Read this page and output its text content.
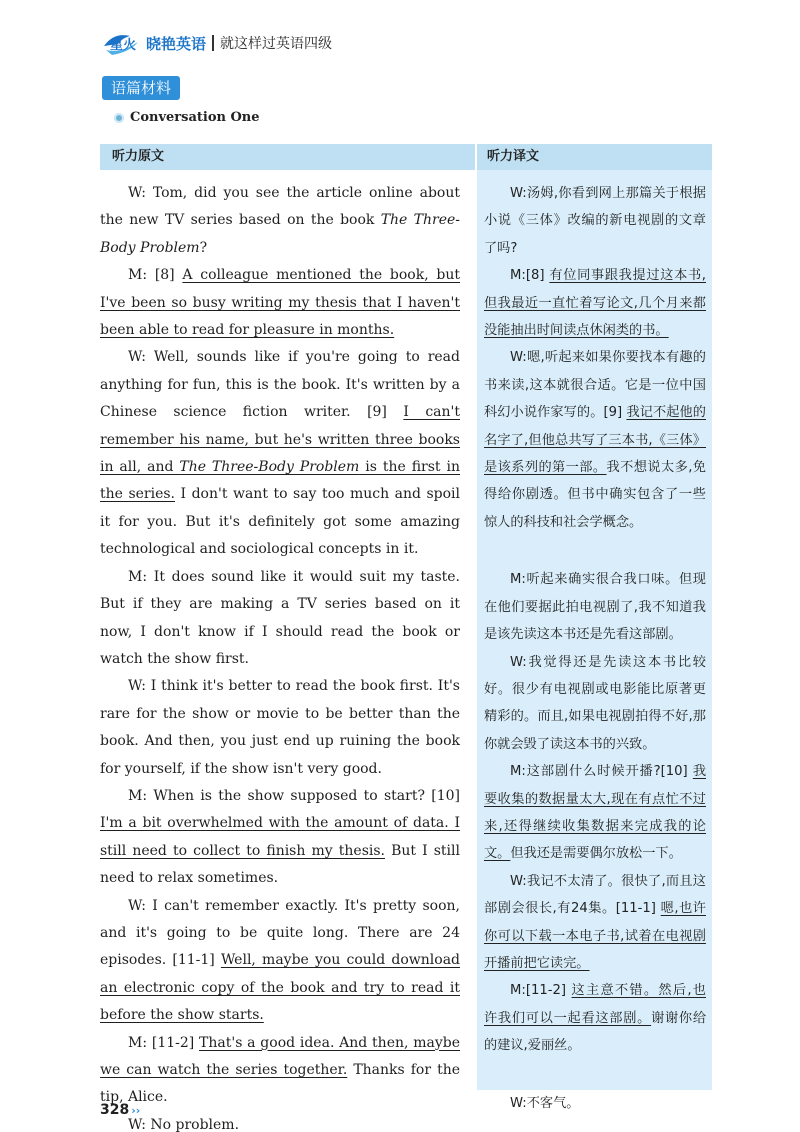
星火 晓艳英语 就这样过英语四级
语篇材料
Conversation One
听力原文	听力译文

W: Tom, did you see the article online about the new TV series based on the book The Three-Body Problem?

M: [8] A colleague mentioned the book, but I've been so busy writing my thesis that I haven't been able to read for pleasure in months.

W: Well, sounds like if you're going to read anything for fun, this is the book. It's written by a Chinese science fiction writer. [9] I can't remember his name, but he's written three books in all, and The Three-Body Problem is the first in the series. I don't want to say too much and spoil it for you. But it's definitely got some amazing technological and sociological concepts in it.

M: It does sound like it would suit my taste. But if they are making a TV series based on it now, I don't know if I should read the book or watch the show first.

W: I think it's better to read the book first. It's rare for the show or movie to be better than the book. And then, you just end up ruining the book for yourself, if the show isn't very good.

M: When is the show supposed to start? [10] I'm a bit overwhelmed with the amount of data. I still need to collect to finish my thesis. But I still need to relax sometimes.

W: I can't remember exactly. It's pretty soon, and it's going to be quite long. There are 24 episodes. [11-1] Well, maybe you could download an electronic copy of the book and try to read it before the show starts.

M: [11-2] That's a good idea. And then, maybe we can watch the series together. Thanks for the tip, Alice.

W: No problem.

W:汤姆,你看到网上那篇关于根据小说《三体》改编的新电视剧的文章了吗?

M:[8] 有位同事跟我提过这本书,但我最近一直忙着写论文,几个月来都没能抽出时间读点休闲类的书。

W:嗯,听起来如果你要找本有趣的书来读,这本就很合适。它是一位中国科幻小说作家写的。[9] 我记不起他的名字了,但他总共写了三本书,《三体》是该系列的第一部。我不想说太多,免得给你剧透。但书中确实包含了一些惊人的科技和社会学概念。

M:听起来确实很合我口味。但现在他们要据此拍电视剧了,我不知道我是该先读这本书还是先看这部剧。

W:我觉得还是先读这本书比较好。很少有电视剧或电影能比原著更精彩的。而且,如果电视剧拍得不好,那你就会毁了读这本书的兴致。

M:这部剧什么时候开播?[10] 我要收集的数据量太大,现在有点忙不过来,还得继续收集数据来完成我的论文。但我还是需要偶尔放松一下。

W:我记不太清了。很快了,而且这部剧会很长,有24集。[11-1] 嗯,也许你可以下载一本电子书,试着在电视剧开播前把它读完。

M:[11-2] 这主意不错。然后,也许我们可以一起看这部剧。谢谢你给的建议,爱丽丝。

W:不客气。

328 ››
